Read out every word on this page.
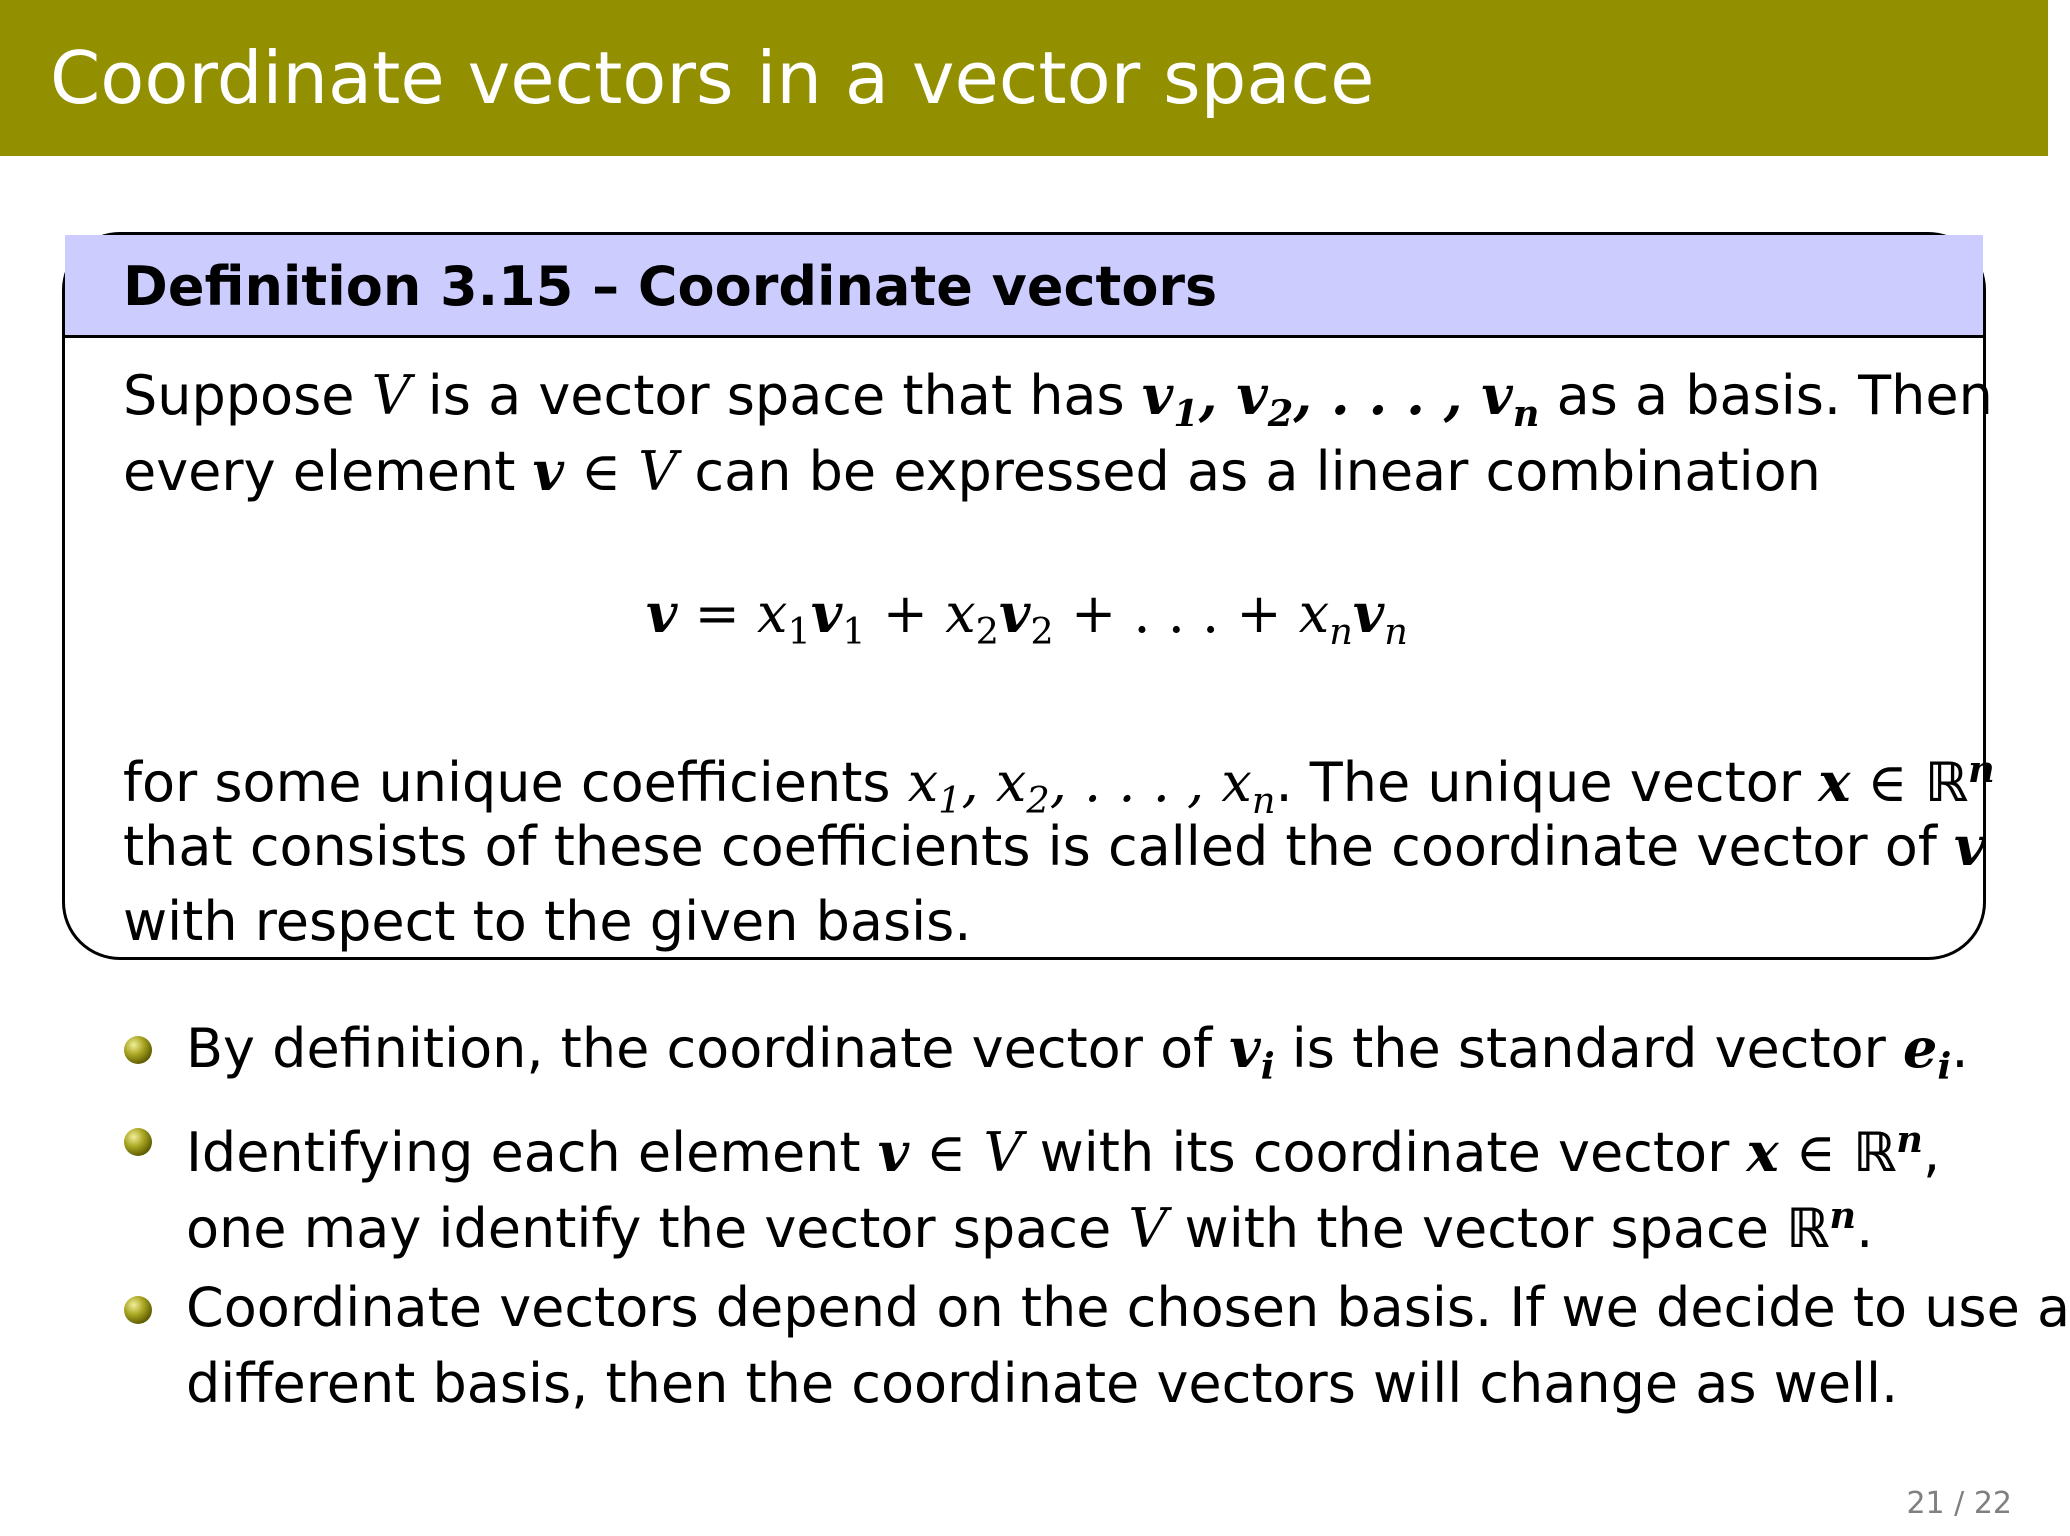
Coordinate vectors in a vector space
Definition 3.15 – Coordinate vectors
Suppose V is a vector space that has $v_1$, $v_2$, . . . , $v_n$ as a basis. Then
every element v ∈ V can be expressed as a linear combination
$v = x_1v_1 + x_2v_2$ + . . . + $x_nv_n$
for some unique coefficients $x_1$, $x_2$, . . . , $x_n$. The unique vector x ∈ ℝ$^n$
that consists of these coefficients is called the coordinate vector of v
with respect to the given basis.
By definition, the coordinate vector of $v_i$ is the standard vector $e_i$.
Identifying each element v ∈ V with its coordinate vector x ∈ ℝ$^n$,
one may identify the vector space V with the vector space ℝ$^n$.
Coordinate vectors depend on the chosen basis. If we decide to use a
different basis, then the coordinate vectors will change as well.
21 / 22
